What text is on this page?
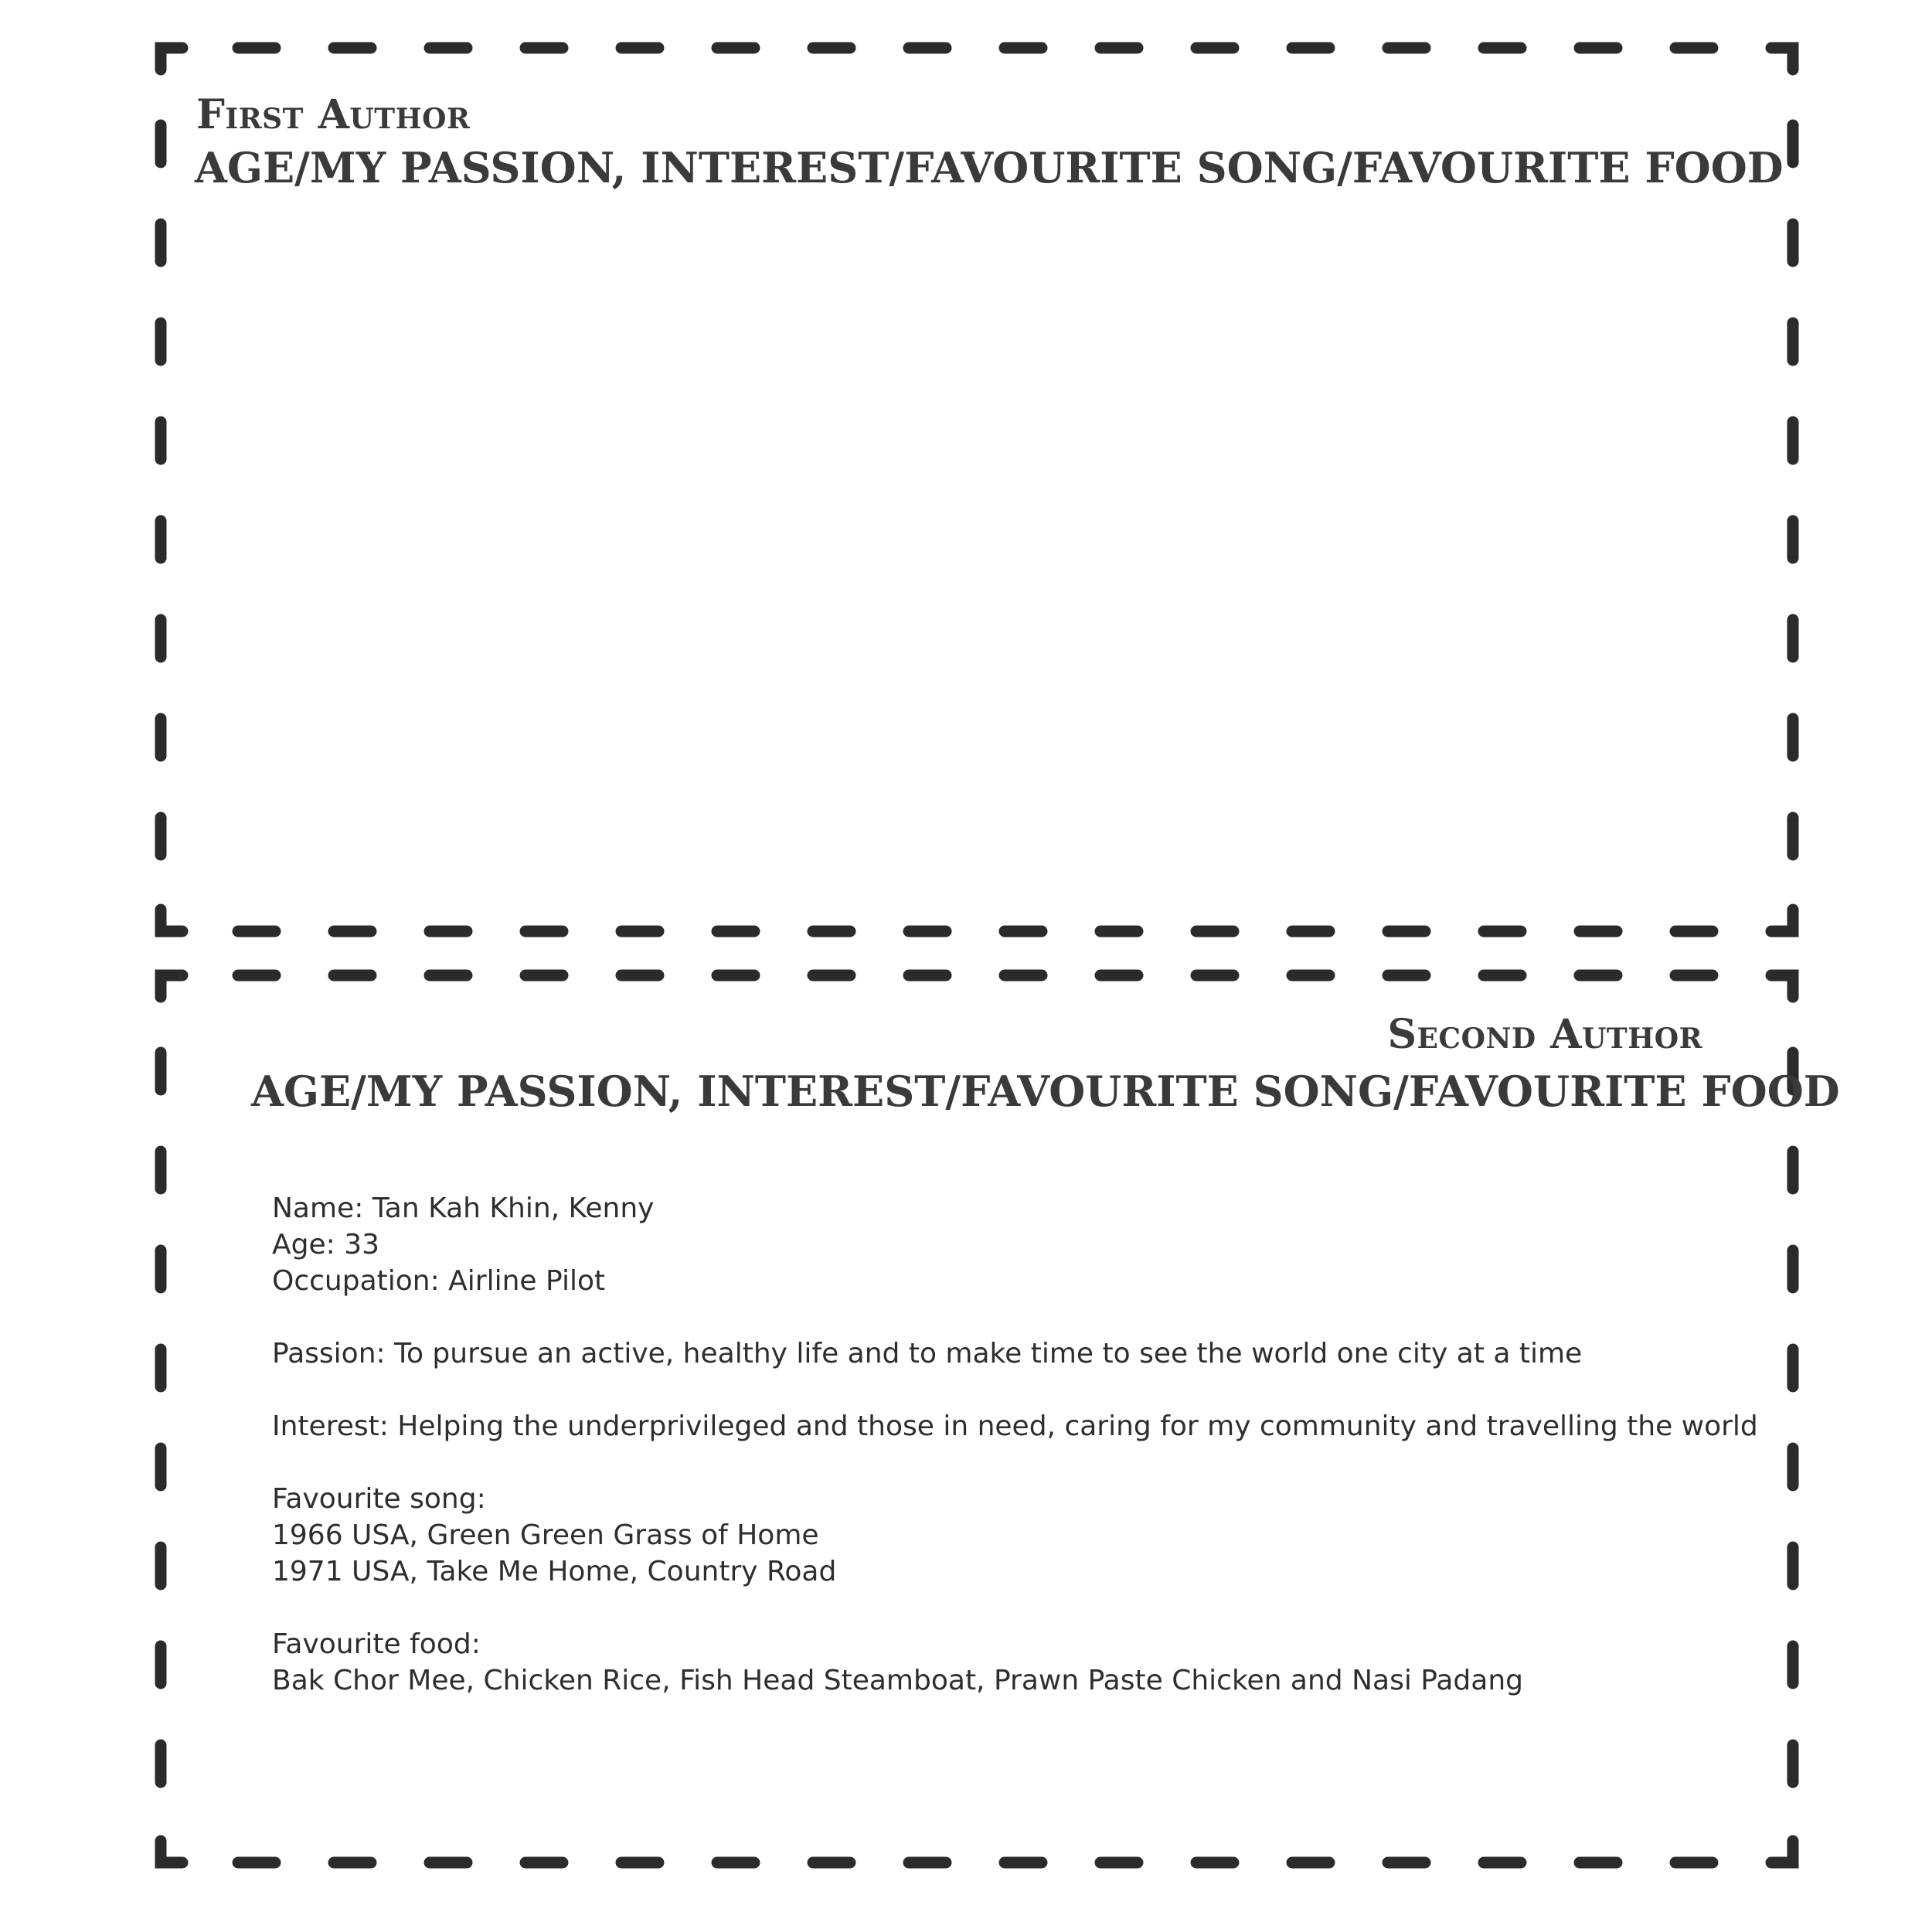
First Author
AGE/MY PASSION, INTEREST/FAVOURITE SONG/FAVOURITE FOOD
Second Author
AGE/MY PASSION, INTEREST/FAVOURITE SONG/FAVOURITE FOOD
Name: Tan Kah Khin, Kenny
Age: 33
Occupation: Airline Pilot
Passion: To pursue an active, healthy life and to make time to see the world one city at a time
Interest: Helping the underprivileged and those in need, caring for my community and travelling the world
Favourite song:
1966 USA, Green Green Grass of Home
1971 USA, Take Me Home, Country Road
Favourite food:
Bak Chor Mee, Chicken Rice, Fish Head Steamboat, Prawn Paste Chicken and Nasi Padang
